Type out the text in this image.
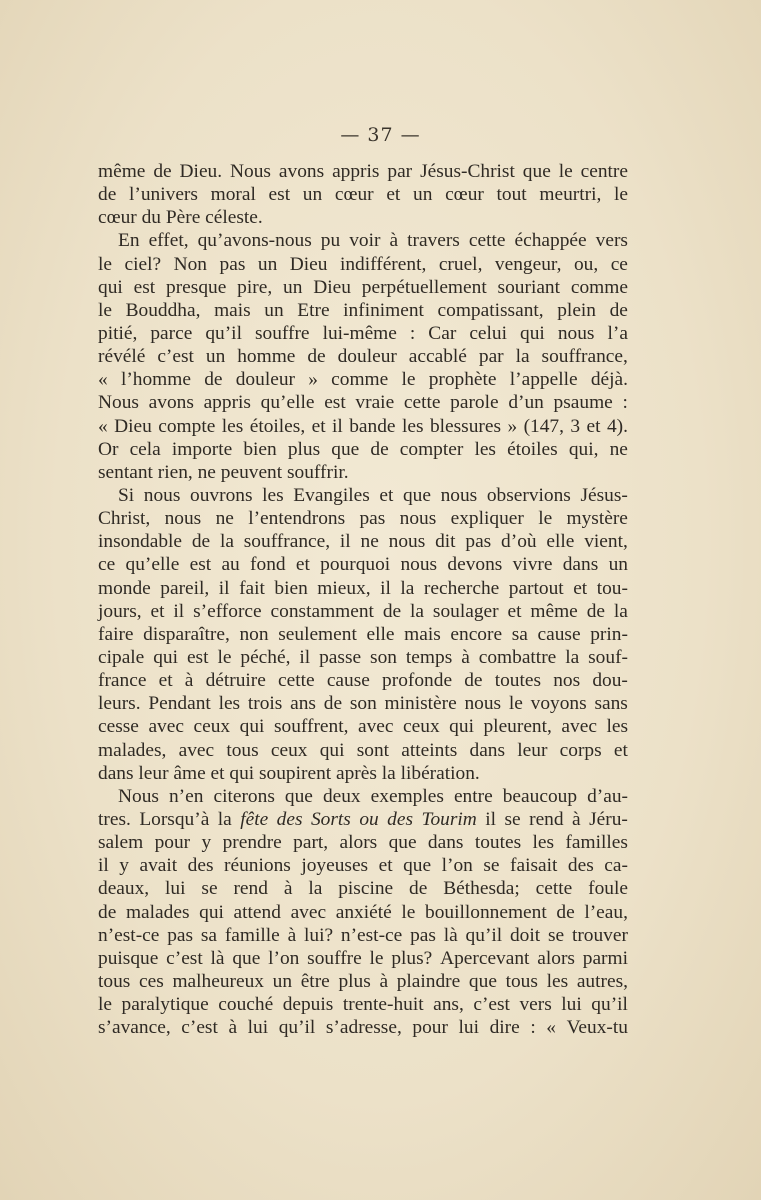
— 37 —
même de Dieu. Nous avons appris par Jésus-Christ que le centre
de l’univers moral est un cœur et un cœur tout meurtri, le
cœur du Père céleste.
En effet, qu’avons-nous pu voir à travers cette échappée vers
le ciel? Non pas un Dieu indifférent, cruel, vengeur, ou, ce
qui est presque pire, un Dieu perpétuellement souriant comme
le Bouddha, mais un Etre infiniment compatissant, plein de
pitié, parce qu’il souffre lui-même : Car celui qui nous l’a
révélé c’est un homme de douleur accablé par la souffrance,
« l’homme de douleur » comme le prophète l’appelle déjà.
Nous avons appris qu’elle est vraie cette parole d’un psaume :
« Dieu compte les étoiles, et il bande les blessures » (147, 3 et 4).
Or cela importe bien plus que de compter les étoiles qui, ne
sentant rien, ne peuvent souffrir.
Si nous ouvrons les Evangiles et que nous observions Jésus-
Christ, nous ne l’entendrons pas nous expliquer le mystère
insondable de la souffrance, il ne nous dit pas d’où elle vient,
ce qu’elle est au fond et pourquoi nous devons vivre dans un
monde pareil, il fait bien mieux, il la recherche partout et tou-
jours, et il s’efforce constamment de la soulager et même de la
faire disparaître, non seulement elle mais encore sa cause prin-
cipale qui est le péché, il passe son temps à combattre la souf-
france et à détruire cette cause profonde de toutes nos dou-
leurs. Pendant les trois ans de son ministère nous le voyons sans
cesse avec ceux qui souffrent, avec ceux qui pleurent, avec les
malades, avec tous ceux qui sont atteints dans leur corps et
dans leur âme et qui soupirent après la libération.
Nous n’en citerons que deux exemples entre beaucoup d’au-
tres. Lorsqu’à la fête des Sorts ou des Tourim il se rend à Jéru-
salem pour y prendre part, alors que dans toutes les familles
il y avait des réunions joyeuses et que l’on se faisait des ca-
deaux, lui se rend à la piscine de Béthesda; cette foule
de malades qui attend avec anxiété le bouillonnement de l’eau,
n’est-ce pas sa famille à lui? n’est-ce pas là qu’il doit se trouver
puisque c’est là que l’on souffre le plus? Apercevant alors parmi
tous ces malheureux un être plus à plaindre que tous les autres,
le paralytique couché depuis trente-huit ans, c’est vers lui qu’il
s’avance, c’est à lui qu’il s’adresse, pour lui dire : « Veux-tu
